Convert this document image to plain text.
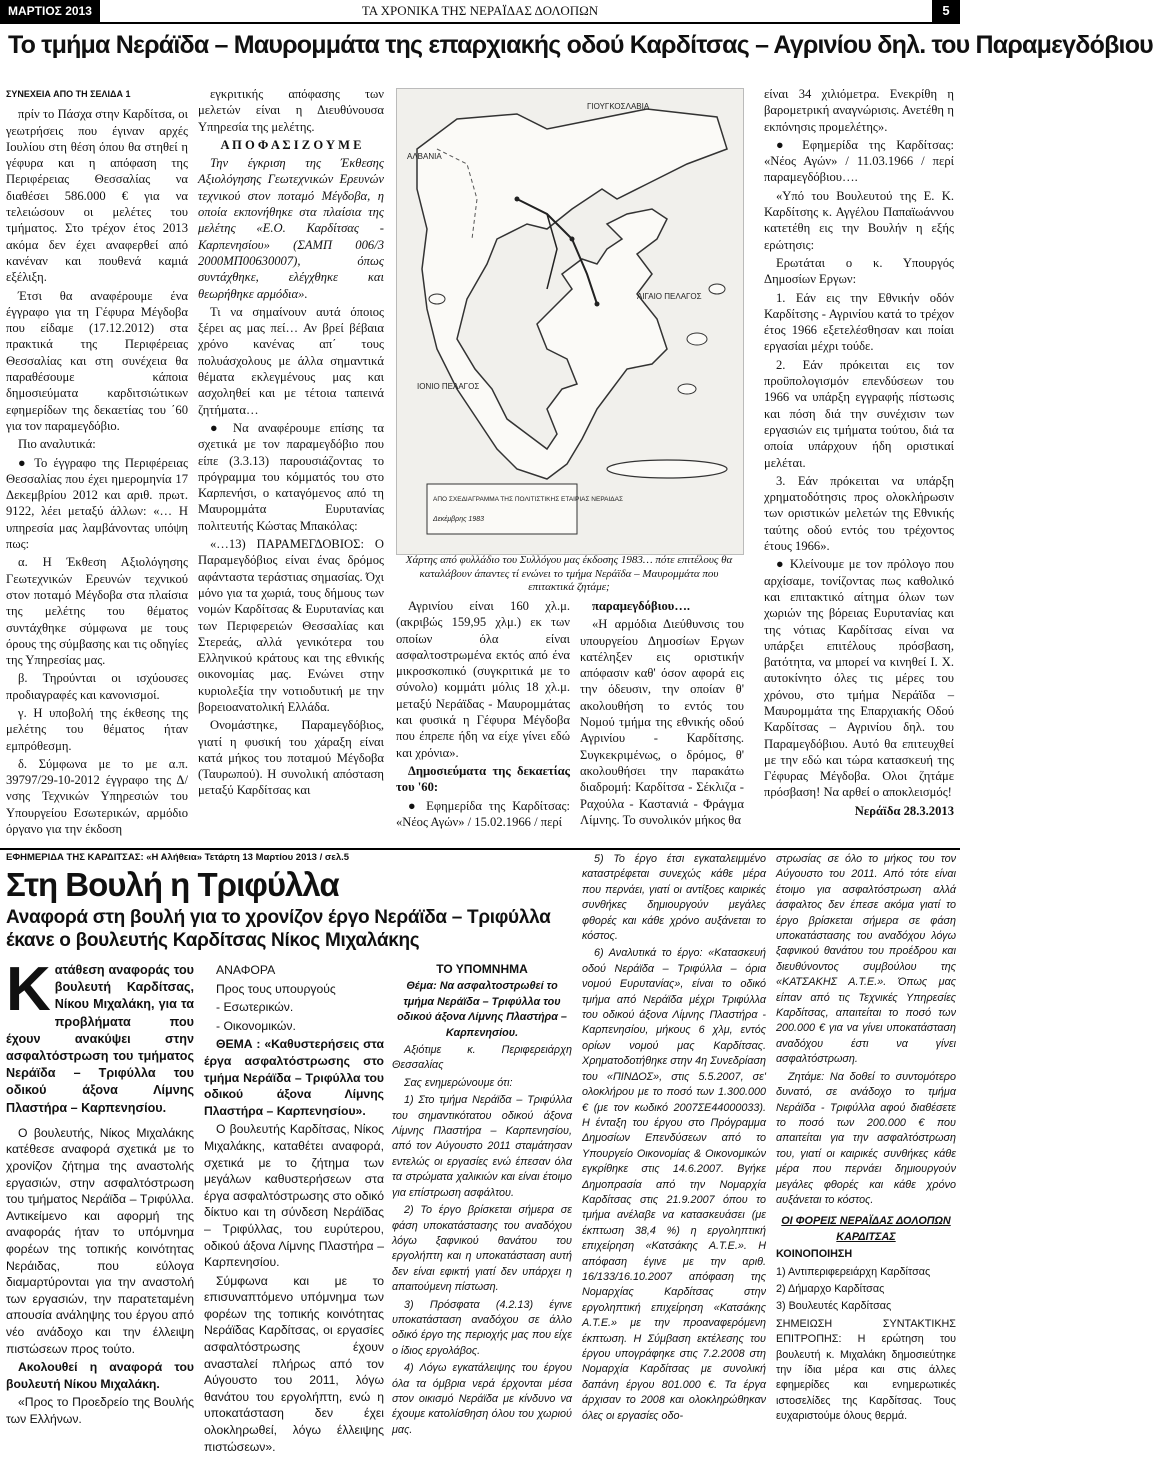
ΜΑΡΤΙΟΣ 2013	ΤΑ ΧΡΟΝΙΚΑ ΤΗΣ ΝΕΡΑΪΔΑΣ ΔΟΛΟΠΩΝ	5
Το τμήμα Νεράϊδα – Μαυρομμάτα της επαρχιακής οδού Καρδίτσας – Αγρινίου δηλ. του Παραμεγδόβιου

ΣΥΝΕΧΕΙΑ ΑΠΟ ΤΗ ΣΕΛΙΔΑ 1

πρίν το Πάσχα στην Καρδίτσα, οι γεωτρήσεις που έγιναν αρχές Ιουλίου στη θέση όπου θα στηθεί η γέφυρα και η απόφαση της Περιφέρειας Θεσσαλίας να διαθέσει 586.000 € για να τελειώσουν οι μελέτες του τμήματος. Στο τρέχον έτος 2013 ακόμα δεν έχει αναφερθεί από κανέναν και πουθενά καμιά εξέλιξη.

Έτσι θα αναφέρουμε ένα έγγραφο για τη Γέφυρα Μέγδοβα που είδαμε (17.12.2012) στα πρακτικά της Περιφέρειας Θεσσαλίας και στη συνέχεια θα παραθέσουμε κάποια δημοσιεύματα καρδιτσιώτικων εφημερίδων της δεκαετίας του ΄60 για τον παραμεγδόβιο.

Πιο αναλυτικά:

● Το έγγραφο της Περιφέρειας Θεσσαλίας που έχει ημερομηνία 17 Δεκεμβρίου 2012 και αριθ. πρωτ. 9122, λέει μεταξύ άλλων: «… Η υπηρεσία μας λαμβάνοντας υπόψη πως:

α. Η Έκθεση Αξιολόγησης Γεωτεχνικών Ερευνών τεχνικού στον ποταμό Μέγδοβα στα πλαίσια της μελέτης του θέματος συντάχθηκε σύμφωνα με τους όρους της σύμβασης και τις οδηγίες της Υπηρεσίας μας.

β. Τηρούνται οι ισχύουσες προδιαγραφές και κανονισμοί.

γ. Η υποβολή της έκθεσης της μελέτης του θέματος ήταν εμπρόθεσμη.

δ. Σύμφωνα με το με α.π. 39797/29-10-2012 έγγραφο της Δ/νσης Τεχνικών Υπηρεσιών του Υπουργείου Εσωτερικών, αρμόδιο όργανο για την έκδοση

εγκριτικής απόφασης των μελετών είναι η Διευθύνουσα Υπηρεσία της μελέτης.

Α Π Ο Φ Α Σ Ι Ζ Ο Υ Μ Ε

Την έγκριση της Έκθεσης Αξιολόγησης Γεωτεχνικών Ερευνών τεχνικού στον ποταμό Μέγδοβα, η οποία εκπονήθηκε στα πλαίσια της μελέτης «Ε.Ο. Καρδίτσας - Καρπενησίου» (ΣΑΜΠ 006/3 2000ΜΠ00630007), όπως συντάχθηκε, ελέγχθηκε και θεωρήθηκε αρμόδια».

Τι να σημαίνουν αυτά όποιος ξέρει ας μας πεί… Αν βρεί βέβαια χρόνο κανένας απ΄ τους πολυάσχολους με άλλα σημαντικά θέματα εκλεγμένους μας και ασχοληθεί και με τέτοια ταπεινά ζητήματα…

● Να αναφέρουμε επίσης τα σχετικά με τον παραμεγδόβιο που είπε (3.3.13) παρουσιάζοντας το πρόγραμμα του κόμματός του στο Καρπενήσι, ο καταγόμενος από τη Μαυρομμάτα Ευρυτανίας πολιτευτής Κώστας Μπακόλας:

«…13) ΠΑΡΑΜΕΓΔΟΒΙΟΣ: Ο Παραμεγδόβιος είναι ένας δρόμος αφάνταστα τεράστιας σημασίας. Όχι μόνο για τα χωριά, τους δήμους των νομών Καρδίτσας & Ευρυτανίας και των Περιφερειών Θεσσαλίας και Στερεάς, αλλά γενικότερα του Ελληνικού κράτους και της εθνικής οικονομίας μας. Ενώνει στην κυριολεξία την νοτιοδυτική με την βορειοανατολική Ελλάδα.

Ονομάστηκε, Παραμεγδόβιος, γιατί η φυσική του χάραξη είναι κατά μήκος του ποταμού Μέγδοβα (Ταυρωπού). Η συνολική απόσταση μεταξύ Καρδίτσας και

ΓΙΟΥΓΚΟΣΛΑΒΙΑ
ΑΛΒΑΝΙΑ
ΙΟΝΙΟ ΠΕΛΑΓΟΣ
ΑΙΓΑΙΟ ΠΕΛΑΓΟΣ
ΑΠΟ ΣΧΕΔΙΑΓΡΑΜΜΑ ΤΗΣ ΠΟΛΙΤΙΣΤΙΚΗΣ ΕΤΑΙΡΙΑΣ ΝΕΡΑΙΔΑΣ
Δεκέμβρης 1983
Χάρτης από φυλλάδιο του Συλλόγου μας έκδοσης 1983… πότε επιτέλους θα καταλάβουν άπαντες τί ενώνει το τμήμα Νεράϊδα – Μαυρομμάτα που επιτακτικά ζητάμε;

Αγρινίου είναι 160 χλ.μ. (ακριβώς 159,95 χλμ.) εκ των οποίων όλα είναι ασφαλτοστρωμένα εκτός από ένα μικροσκοπικό (συγκριτικά με το σύνολο) κομμάτι μόλις 18 χλ.μ. μεταξύ Νεράϊδας - Μαυρομμάτας και φυσικά η Γέφυρα Μέγδοβα που έπρεπε ήδη να είχε γίνει εδώ και χρόνια».

Δημοσιεύματα της δεκαετίας του '60:

● Εφημερίδα της Καρδίτσας: «Νέος Αγών» / 15.02.1966 / περί

παραμεγδόβιου….

«Η αρμόδια Διεύθυνσις του υπουργείου Δημοσίων Εργων κατέληξεν εις οριστικήν απόφασιν καθ' όσον αφορά εις την όδευσιν, την οποίαν θ' ακολουθήση το εντός του Νομού τμήμα της εθνικής οδού Αγρινίου - Καρδίτσης. Συγκεκριμένως, ο δρόμος, θ' ακολουθήσει την παρακάτω διαδρομή: Καρδίτσα - Σέκλιζα - Ραχούλα - Καστανιά - Φράγμα Λίμνης. Το συνολικόν μήκος θα

είναι 34 χιλιόμετρα. Ενεκρίθη η βαρομετρική αναγνώρισις. Ανετέθη η εκπόνησις προμελέτης».

● Εφημερίδα της Καρδίτσας: «Νέος Αγών» / 11.03.1966 / περί παραμεγδόβιου….

«Υπό του Βουλευτού της Ε. Κ. Καρδίτσης κ. Αγγέλου Παπαϊωάννου κατετέθη εις την Βουλήν η εξής ερώτησις:

Ερωτάται ο κ. Υπουργός Δημοσίων Εργων:

1. Εάν εις την Εθνικήν οδόν Καρδίτσης - Αγρινίου κατά το τρέχον έτος 1966 εξετελέσθησαν και ποίαι εργασίαι μέχρι τούδε.

2. Εάν πρόκειται εις τον προϋπολογισμόν επενδύσεων του 1966 να υπάρξη εγγραφής πίστωσις και πόση διά την συνέχισιν των εργασιών εις τμήματα τούτου, διά τα οποία υπάρχουν ήδη οριστικαί μελέται.

3. Εάν πρόκειται να υπάρξη χρηματοδότησις προς ολοκλήρωσιν των οριστικών μελετών της Εθνικής ταύτης οδού εντός του τρέχοντος έτους 1966».

● Κλείνουμε με τον πρόλογο που αρχίσαμε, τονίζοντας πως καθολικό και επιτακτικό αίτημα όλων των χωριών της βόρειας Ευρυτανίας και της νότιας Καρδίτσας είναι να υπάρξει επιτέλους πρόσβαση, βατότητα, να μπορεί να κινηθεί Ι. Χ. αυτοκίνητο όλες τις μέρες του χρόνου, στο τμήμα Νεράϊδα – Μαυρομμάτα της Επαρχιακής Οδού Καρδίτσας – Αγρινίου δηλ. του Παραμεγδόβιου. Αυτό θα επιτευχθεί με την εδώ και τώρα κατασκευή της Γέφυρας Μέγδοβα. Ολοι ζητάμε πρόσβαση! Να αρθεί ο αποκλεισμός!

Νεράϊδα 28.3.2013

ΕΦΗΜΕΡΙΔΑ ΤΗΣ ΚΑΡΔΙΤΣΑΣ: «Η Αλήθεια» Τετάρτη 13 Μαρτίου 2013 / σελ.5
Στη Βουλή η Τριφύλλα
Αναφορά στη βουλή για το χρονίζον έργο Νεράϊδα – Τριφύλλα έκανε ο βουλευτής Καρδίτσας Νίκος Μιχαλάκης

Κατάθεση αναφοράς του βουλευτή Καρδίτσας, Νίκου Μιχαλάκη, για τα προβλήματα που έχουν ανακύψει στην ασφαλτόστρωση του τμήματος Νεράϊδα – Τριφύλλα του οδικού άξονα Λίμνης Πλαστήρα – Καρπενησίου.

Ο βουλευτής, Νίκος Μιχαλάκης κατέθεσε αναφορά σχετικά με το χρονίζον ζήτημα της αναστολής εργασιών, στην ασφαλτόστρωση του τμήματος Νεράϊδα – Τριφύλλα. Αντικείμενο και αφορμή της αναφοράς ήταν το υπόμνημα φορέων της τοπικής κοινότητας Νεράιδας, που εύλογα διαμαρτύρονται για την αναστολή των εργασιών, την παρατεταμένη απουσία ανάληψης του έργου από νέο ανάδοχο και την έλλειψη πιστώσεων προς τούτο.

Ακολουθεί η αναφορά του βουλευτή Νίκου Μιχαλάκη.

«Προς το Προεδρείο της Βουλής των Ελλήνων.

ΑΝΑΦΟΡΑ

Προς τους υπουργούς

- Εσωτερικών.

- Οικονομικών.

ΘΕΜΑ : «Καθυστερήσεις στα έργα ασφαλτόστρωσης στο τμήμα Νεράϊδα – Τριφύλλα του οδικού άξονα Λίμνης Πλαστήρα – Καρπενησίου».

Ο βουλευτής Καρδίτσας, Νίκος Μιχαλάκης, καταθέτει αναφορά, σχετικά με το ζήτημα των μεγάλων καθυστερήσεων στα έργα ασφαλτόστρωσης στο οδικό δίκτυο και τη σύνδεση Νεράϊδας – Τριφύλλας, του ευρύτερου, οδικού άξονα Λίμνης Πλαστήρα – Καρπενησίου.

Σύμφωνα και με το επισυναπτόμενο υπόμνημα των φορέων της τοπικής κοινότητας Νεράϊδας Καρδίτσας, οι εργασίες ασφαλτόστρωσης έχουν ανασταλεί πλήρως από τον Αύγουστο του 2011, λόγω θανάτου του εργολήπτη, ενώ η υποκατάσταση δεν έχει ολοκληρωθεί, λόγω έλλειψης πιστώσεων».

ΤΟ ΥΠΟΜΝΗΜΑ

Θέμα: Να ασφαλτοστρωθεί το τμήμα Νεράϊδα – Τριφύλλα του οδικού άξονα Λίμνης Πλαστήρα – Καρπενησίου.

Αξιότιμε κ. Περιφερειάρχη Θεσσαλίας

Σας ενημερώνουμε ότι:

1) Στο τμήμα Νεράϊδα – Τριφύλλα του σημαντικότατου οδικού άξονα Λίμνης Πλαστήρα – Καρπενησίου, από τον Αύγουστο 2011 σταμάτησαν εντελώς οι εργασίες ενώ έπεσαν όλα τα στρώματα χαλικιών και είναι έτοιμο για επίστρωση ασφάλτου.

2) Το έργο βρίσκεται σήμερα σε φάση υποκατάστασης του αναδόχου λόγω ξαφνικού θανάτου του εργολήπτη και η υποκατάσταση αυτή δεν είναι εφικτή γιατί δεν υπάρχει η απαιτούμενη πίστωση.

3) Πρόσφατα (4.2.13) έγινε υποκατάσταση αναδόχου σε άλλο οδικό έργο της περιοχής μας που είχε ο ίδιος εργολάβος.

4) Λόγω εγκατάλειψης του έργου όλα τα όμβρια νερά έρχονται μέσα στον οικισμό Νεράϊδα με κίνδυνο να έχουμε κατολίσθηση όλου του χωριού μας.

5) Το έργο έτσι εγκαταλειμμένο καταστρέφεται συνεχώς κάθε μέρα που περνάει, γιατί οι αντίξοες καιρικές συνθήκες δημιουργούν μεγάλες φθορές και κάθε χρόνο αυξάνεται το κόστος.

6) Αναλυτικά το έργο: «Κατασκευή οδού Νεράϊδα – Τριφύλλα – όρια νομού Ευρυτανίας», είναι το οδικό τμήμα από Νεράϊδα μέχρι Τριφύλλα του οδικού άξονα Λίμνης Πλαστήρα - Καρπενησίου, μήκους 6 χλμ, εντός ορίων νομού μας Καρδίτσας. Χρηματοδοτήθηκε στην 4η Συνεδρίαση του «ΠΙΝΔΟΣ», στις 5.5.2007, σε' ολοκλήρου με το ποσό των 1.300.000 € (με τον κωδικό 2007ΣΕ44000033). Η ένταξη του έργου στο Πρόγραμμα Δημοσίων Επενδύσεων από το Υπουργείο Οικονομίας & Οικονομικών εγκρίθηκε στις 14.6.2007. Βγήκε Δημοπρασία από την Νομαρχία Καρδίτσας στις 21.9.2007 όπου το τμήμα ανέλαβε να κατασκευάσει (με έκπτωση 38,4 %) η εργοληπτική επιχείρηση «Κατσάκης Α.Τ.Ε.». Η απόφαση έγινε με την αριθ. 16/133/16.10.2007 απόφαση της Νομαρχίας Καρδίτσας στην εργοληπτική επιχείρηση «Κατσάκης Α.Τ.Ε.» με την προαναφερόμενη έκπτωση. Η Σύμβαση εκτέλεσης του έργου υπογράφηκε στις 7.2.2008 στη Νομαρχία Καρδίτσας με συνολική δαπάνη έργου 801.000 €. Τα έργα άρχισαν το 2008 και ολοκληρώθηκαν όλες οι εργασίες οδο-

στρωσίας σε όλο το μήκος του τον Αύγουστο του 2011. Από τότε είναι έτοιμο για ασφαλτόστρωση αλλά άσφαλτος δεν έπεσε ακόμα γιατί το έργο βρίσκεται σήμερα σε φάση υποκατάστασης του αναδόχου λόγω ξαφνικού θανάτου του προέδρου και διευθύνοντος συμβούλου της «ΚΑΤΣΑΚΗΣ Α.Τ.Ε.». Όπως μας είπαν από τις Τεχνικές Υπηρεσίες Καρδίτσας, απαιτείται το ποσό των 200.000 € για να γίνει υποκατάσταση αναδόχου έστι να γίνει ασφαλτόστρωση.

Ζητάμε: Να δοθεί το συντομότερο δυνατό, σε ανάδοχο το τμήμα Νεράϊδα - Τριφύλλα αφού διαθέσετε το ποσό των 200.000 € που απαιτείται για την ασφαλτόστρωση του, γιατί οι καιρικές συνθήκες κάθε μέρα που περνάει δημιουργούν μεγάλες φθορές και κάθε χρόνο αυξάνεται το κόστος.

ΟΙ ΦΟΡΕΙΣ ΝΕΡΑΪΔΑΣ ΔΟΛΟΠΩΝ ΚΑΡΔΙΤΣΑΣ

ΚΟΙΝΟΠΟΙΗΣΗ

1) Αντιπεριφερειάρχη Καρδίτσας

2) Δήμαρχο Καρδίτσας

3) Βουλευτές Καρδίτσας

ΣΗΜΕΙΩΣΗ ΣΥΝΤΑΚΤΙΚΗΣ ΕΠΙΤΡΟΠΗΣ: Η ερώτηση του βουλευτή κ. Μιχαλάκη δημοσιεύτηκε την ίδια μέρα και στις άλλες εφημερίδες και ενημερωτικές ιστοσελίδες της Καρδίτσας. Τους ευχαριστούμε όλους θερμά.
